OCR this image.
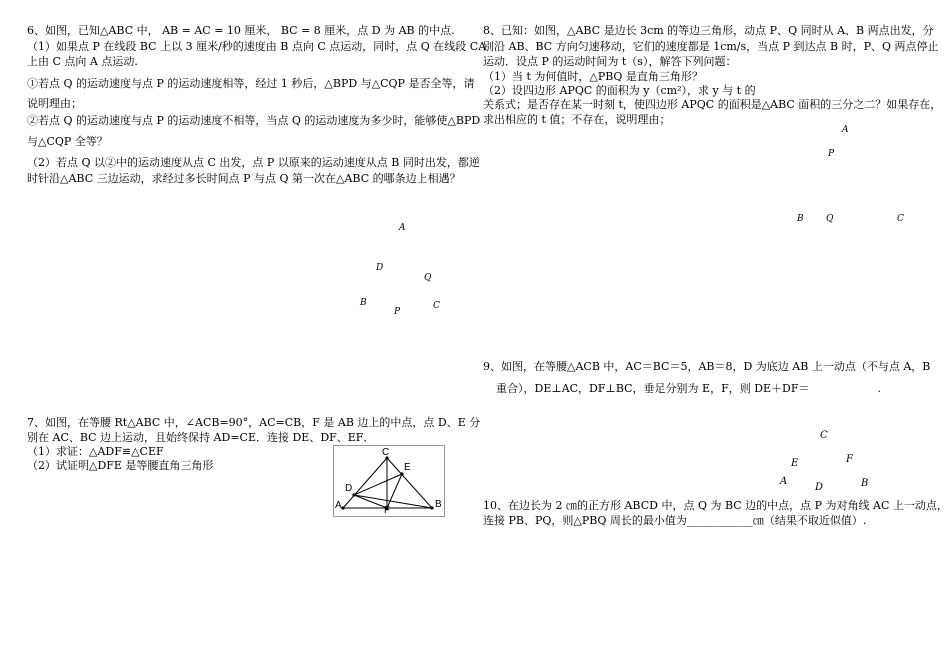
6、如图，已知△ABC 中， AB = AC = 10 厘米， BC = 8 厘米，点 D 为 AB 的中点.
（1）如果点 P 在线段 BC 上以 3 厘米/秒的速度由 B 点向 C 点运动，同时，点 Q 在线段 CA
上由 C 点向 A 点运动.
①若点 Q 的运动速度与点 P 的运动速度相等，经过 1 秒后，△BPD 与△CQP 是否全等，请
说明理由；
②若点 Q 的运动速度与点 P 的运动速度不相等，当点 Q 的运动速度为多少时，能够使△BPD
与△CQP 全等？
（2）若点 Q 以②中的运动速度从点 C 出发，点 P 以原来的运动速度从点 B 同时出发，都逆
时针沿△ABC 三边运动，求经过多长时间点 P 与点 Q 第一次在△ABC 的哪条边上相遇？
A
D
Q
B
P
C
7、如图，在等腰 Rt△ABC 中，∠ACB=90°，AC=CB，F 是 AB 边上的中点，点 D、E 分
别在 AC、BC 边上运动，且始终保持 AD=CE．连接 DE、DF、EF．
（1）求证：△ADF≌△CEF
（2）试证明△DFE 是等腰直角三角形
C
E
D
A	F
B
8、已知：如图，△ABC 是边长 3cm 的等边三角形，动点 P、Q 同时从 A、B 两点出发，分
别沿 AB、BC 方向匀速移动，它们的速度都是 1cm/s，当点 P 到达点 B 时，P、Q 两点停止
运动．设点 P 的运动时间为 t（s），解答下列问题：
（1）当 t 为何值时，△PBQ 是直角三角形？
（2）设四边形 APQC 的面积为 y（cm²），求 y 与 t 的
关系式；是否存在某一时刻 t，使四边形 APQC 的面积是△ABC 面积的三分之二？如果存在，
求出相应的 t 值；不存在，说明理由；
A
P
B Q	C
9、如图，在等腰△ACB 中，AC＝BC＝5，AB＝8，D 为底边 AB 上一动点（不与点 A，B
重合），DE⊥AC，DF⊥BC，垂足分别为 E，F，则 DE＋DF＝	.
C
E	F
A
D	B
10、在边长为 2 ㎝的正方形 ABCD 中，点 Q 为 BC 边的中点，点 P 为对角线 AC 上一动点，
连接 PB、PQ，则△PBQ 周长的最小值为____________㎝（结果不取近似值）.
